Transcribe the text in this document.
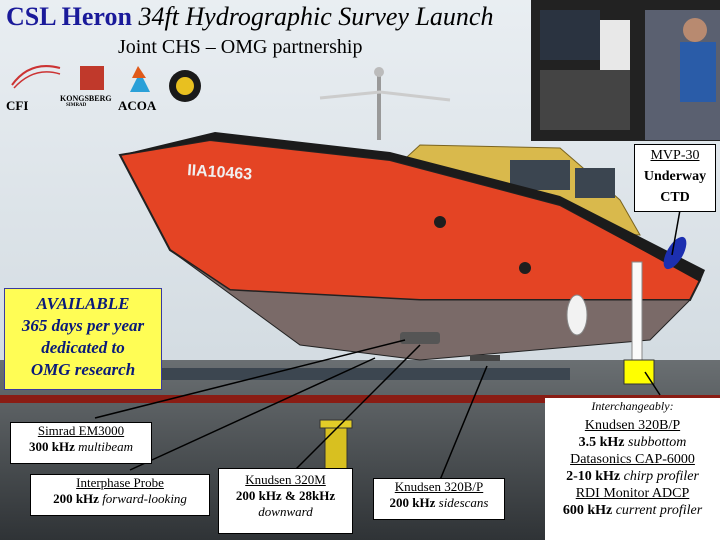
IIA10463
CSL Heron 34ft Hydrographic Survey Launch
Joint CHS – OMG partnership
CFI	KONGSBERG
SIMRAD ACOA
AVAILABLE
365 days per year
dedicated to
OMG research
MVP-30
Underway
CTD
Simrad EM3000
300 kHz multibeam
Interphase Probe
200 kHz forward-looking
Knudsen 320M
200 kHz & 28kHz
downward
Knudsen 320B/P
200 kHz sidescans
Interchangeably:
Knudsen 320B/P
3.5 kHz subbottom
Datasonics CAP-6000
2-10 kHz chirp profiler
RDI Monitor ADCP
600 kHz current profiler
